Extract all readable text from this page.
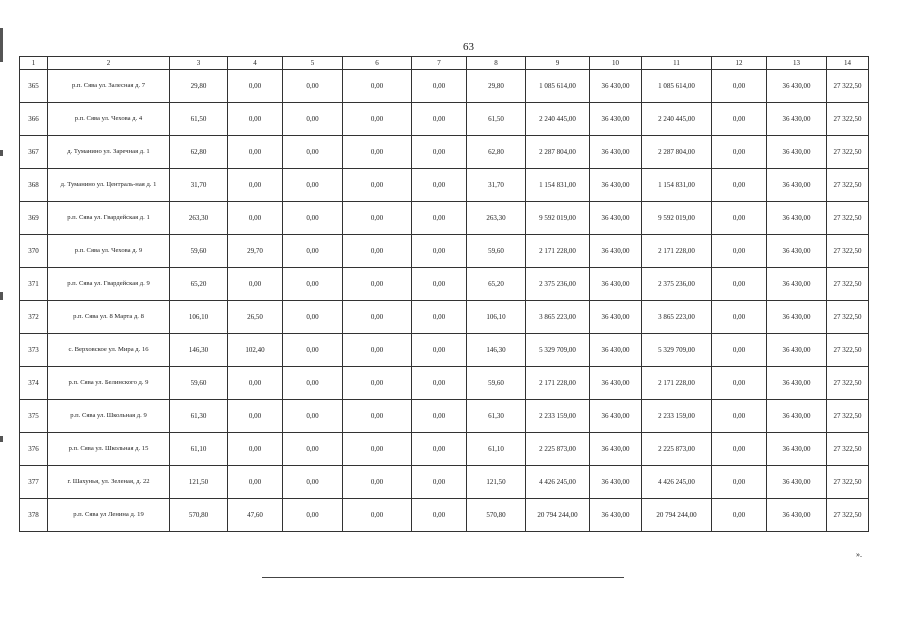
63
1	2	3	4	5	6	7	8	9	10	11	12	13	14
365	р.п. Сява ул. Залесная д. 7	29,80	0,00	0,00	0,00	0,00	29,80	1 085 614,00	36 430,00	1 085 614,00	0,00	36 430,00	27 322,50
366	р.п. Сява ул. Чехова д. 4	61,50	0,00	0,00	0,00	0,00	61,50	2 240 445,00	36 430,00	2 240 445,00	0,00	36 430,00	27 322,50
367	д. Туманино ул. Заречная д. 1	62,80	0,00	0,00	0,00	0,00	62,80	2 287 804,00	36 430,00	2 287 804,00	0,00	36 430,00	27 322,50
368	д. Туманино ул. Централь-ная д. 1	31,70	0,00	0,00	0,00	0,00	31,70	1 154 831,00	36 430,00	1 154 831,00	0,00	36 430,00	27 322,50
369	р.п. Сява ул. Гвардейская д. 1	263,30	0,00	0,00	0,00	0,00	263,30	9 592 019,00	36 430,00	9 592 019,00	0,00	36 430,00	27 322,50
370	р.п. Сява ул. Чехова д. 9	59,60	29,70	0,00	0,00	0,00	59,60	2 171 228,00	36 430,00	2 171 228,00	0,00	36 430,00	27 322,50
371	р.п. Сява ул. Гвардейская д. 9	65,20	0,00	0,00	0,00	0,00	65,20	2 375 236,00	36 430,00	2 375 236,00	0,00	36 430,00	27 322,50
372	р.п. Сява ул. 8 Марта д. 8	106,10	26,50	0,00	0,00	0,00	106,10	3 865 223,00	36 430,00	3 865 223,00	0,00	36 430,00	27 322,50
373	с. Верховское ул. Мира д. 16	146,30	102,40	0,00	0,00	0,00	146,30	5 329 709,00	36 430,00	5 329 709,00	0,00	36 430,00	27 322,50
374	р.п. Сява ул. Белинского д. 9	59,60	0,00	0,00	0,00	0,00	59,60	2 171 228,00	36 430,00	2 171 228,00	0,00	36 430,00	27 322,50
375	р.п. Сява ул. Школьная д. 9	61,30	0,00	0,00	0,00	0,00	61,30	2 233 159,00	36 430,00	2 233 159,00	0,00	36 430,00	27 322,50
376	р.п. Сява ул. Школьная д. 15	61,10	0,00	0,00	0,00	0,00	61,10	2 225 873,00	36 430,00	2 225 873,00	0,00	36 430,00	27 322,50
377	г. Шахунья, ул. Зеленая, д. 22	121,50	0,00	0,00	0,00	0,00	121,50	4 426 245,00	36 430,00	4 426 245,00	0,00	36 430,00	27 322,50
378	р.п. Сява ул Ленина д. 19	570,80	47,60	0,00	0,00	0,00	570,80	20 794 244,00	36 430,00	20 794 244,00	0,00	36 430,00	27 322,50
».
